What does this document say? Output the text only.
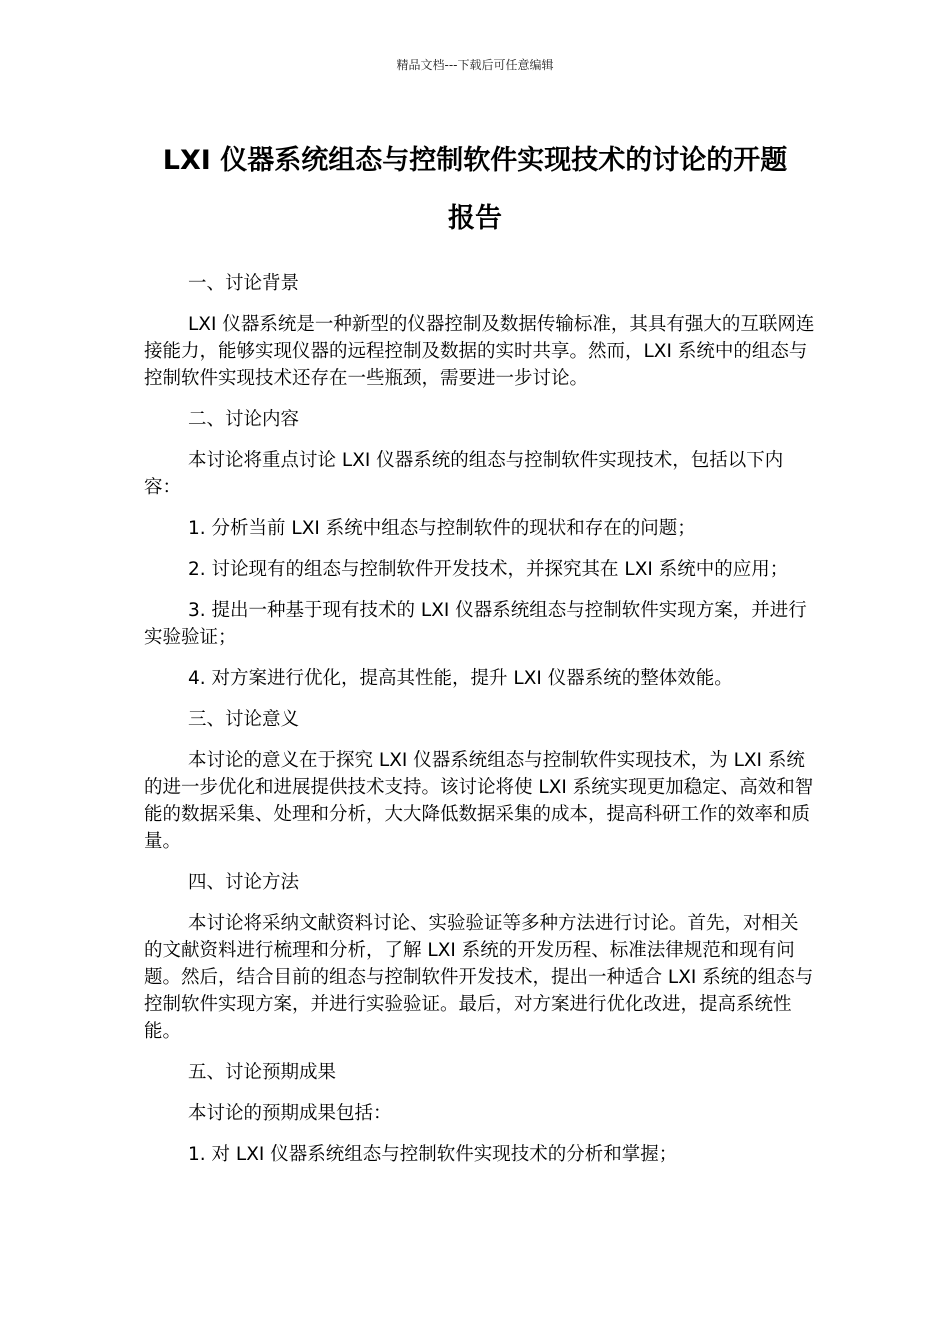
精品文档---下载后可任意编辑
LXI 仪器系统组态与控制软件实现技术的讨论的开题
报告

一、讨论背景

LXI 仪器系统是一种新型的仪器控制及数据传输标准，其具有强大的互联网连接能力，能够实现仪器的远程控制及数据的实时共享。然而，LXI 系统中的组态与控制软件实现技术还存在一些瓶颈，需要进一步讨论。

二、讨论内容

本讨论将重点讨论 LXI 仪器系统的组态与控制软件实现技术，包括以下内容：

1. 分析当前 LXI 系统中组态与控制软件的现状和存在的问题；

2. 讨论现有的组态与控制软件开发技术，并探究其在 LXI 系统中的应用；

3. 提出一种基于现有技术的 LXI 仪器系统组态与控制软件实现方案，并进行实验验证；

4. 对方案进行优化，提高其性能，提升 LXI 仪器系统的整体效能。

三、讨论意义

本讨论的意义在于探究 LXI 仪器系统组态与控制软件实现技术，为 LXI 系统的进一步优化和进展提供技术支持。该讨论将使 LXI 系统实现更加稳定、高效和智能的数据采集、处理和分析，大大降低数据采集的成本，提高科研工作的效率和质量。

四、讨论方法

本讨论将采纳文献资料讨论、实验验证等多种方法进行讨论。首先，对相关的文献资料进行梳理和分析，了解 LXI 系统的开发历程、标准法律规范和现有问题。然后，结合目前的组态与控制软件开发技术，提出一种适合 LXI 系统的组态与控制软件实现方案，并进行实验验证。最后，对方案进行优化改进，提高系统性能。

五、讨论预期成果

本讨论的预期成果包括：

1. 对 LXI 仪器系统组态与控制软件实现技术的分析和掌握；
